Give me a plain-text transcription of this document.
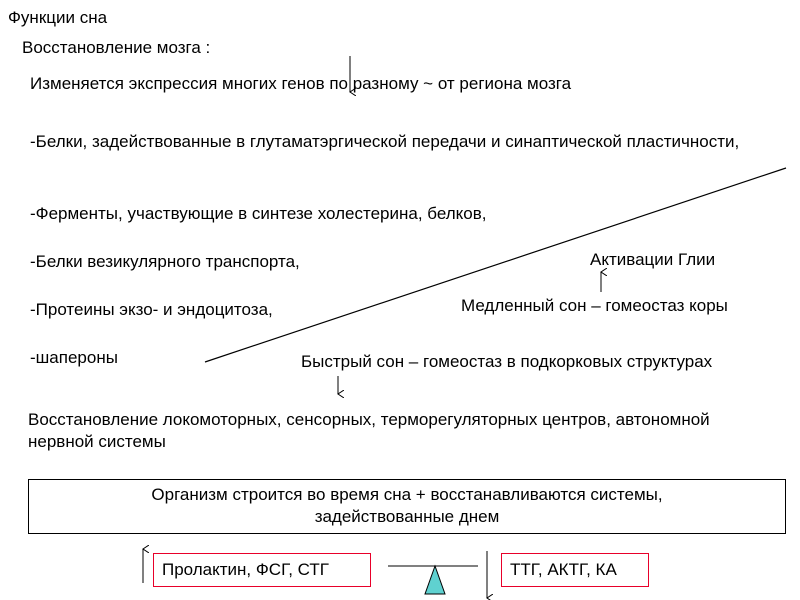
Функции сна
Восстановление мозга :
Изменяется экспрессия многих генов по разному ~ от региона мозга
-Белки, задействованные в глутаматэргической передачи и синаптической пластичности,
-Ферменты, участвующие в синтезе холестерина, белков,
-Белки везикулярного транспорта,
-Протеины экзо- и эндоцитоза,
-шапероны
Активации Глии
Медленный сон – гомеостаз коры
Быстрый сон – гомеостаз в подкорковых структурах
Восстановление локомоторных, сенсорных, терморегуляторных центров, автономной нервной системы
Организм строится во время сна + восстанавливаются системы, задействованные днем
Пролактин, ФСГ, СТГ	ТТГ, АКТГ, КА
